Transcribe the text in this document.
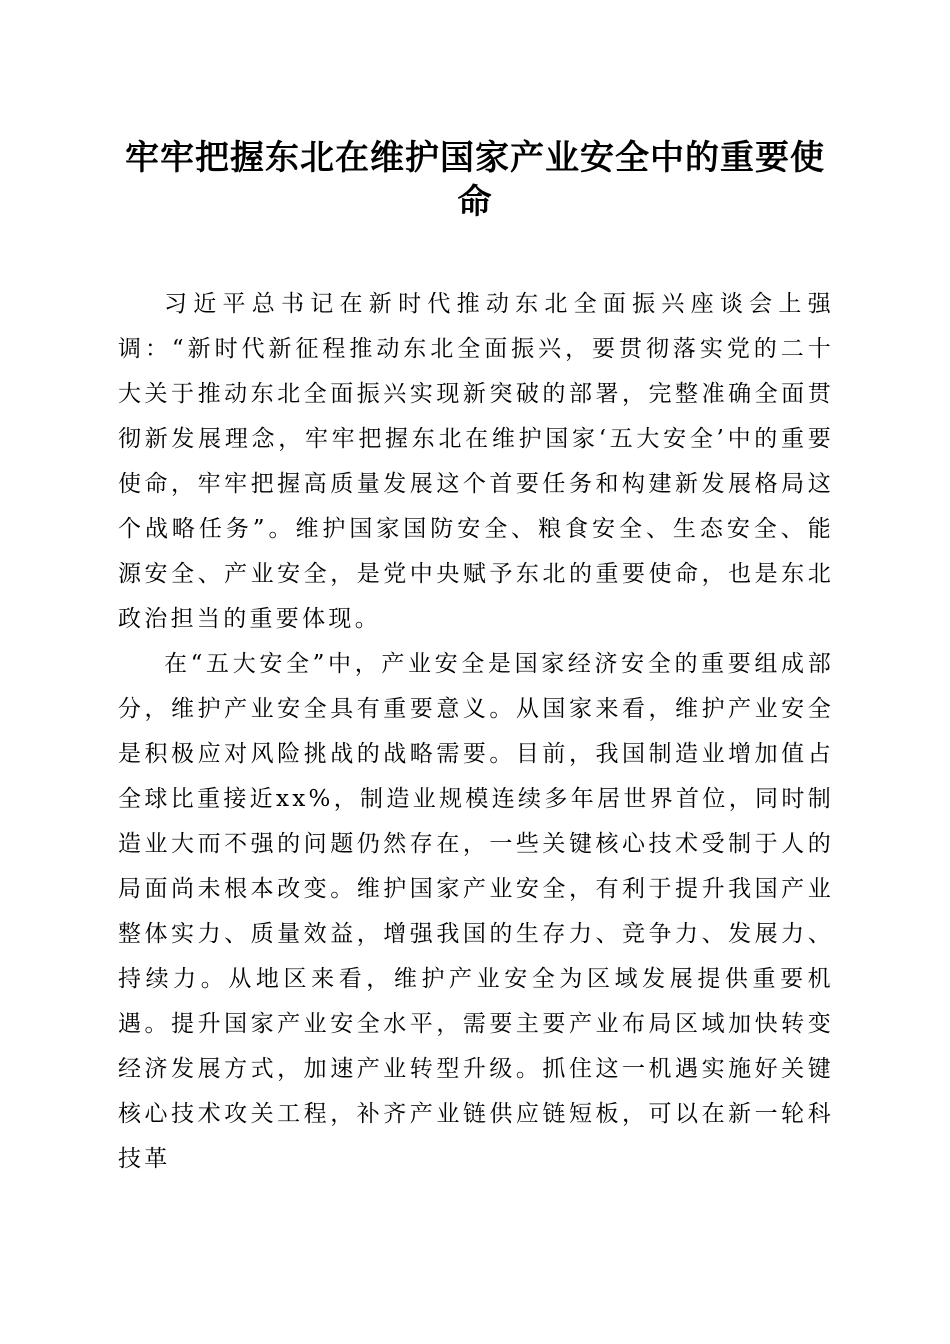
牢牢把握东北在维护国家产业安全中的重要使命

习近平总书记在新时代推动东北全面振兴座谈会上强调：“新时代新征程推动东北全面振兴，要贯彻落实党的二十大关于推动东北全面振兴实现新突破的部署，完整准确全面贯彻新发展理念，牢牢把握东北在维护国家‘五大安全’中的重要使命，牢牢把握高质量发展这个首要任务和构建新发展格局这个战略任务”。维护国家国防安全、粮食安全、生态安全、能源安全、产业安全，是党中央赋予东北的重要使命，也是东北政治担当的重要体现。

在“五大安全”中，产业安全是国家经济安全的重要组成部分，维护产业安全具有重要意义。从国家来看，维护产业安全是积极应对风险挑战的战略需要。目前，我国制造业增加值占全球比重接近xx%，制造业规模连续多年居世界首位，同时制造业大而不强的问题仍然存在，一些关键核心技术受制于人的局面尚未根本改变。维护国家产业安全，有利于提升我国产业整体实力、质量效益，增强我国的生存力、竞争力、发展力、持续力。从地区来看，维护产业安全为区域发展提供重要机遇。提升国家产业安全水平，需要主要产业布局区域加快转变经济发展方式，加速产业转型升级。抓住这一机遇实施好关键核心技术攻关工程，补齐产业链供应链短板，可以在新一轮科技革
